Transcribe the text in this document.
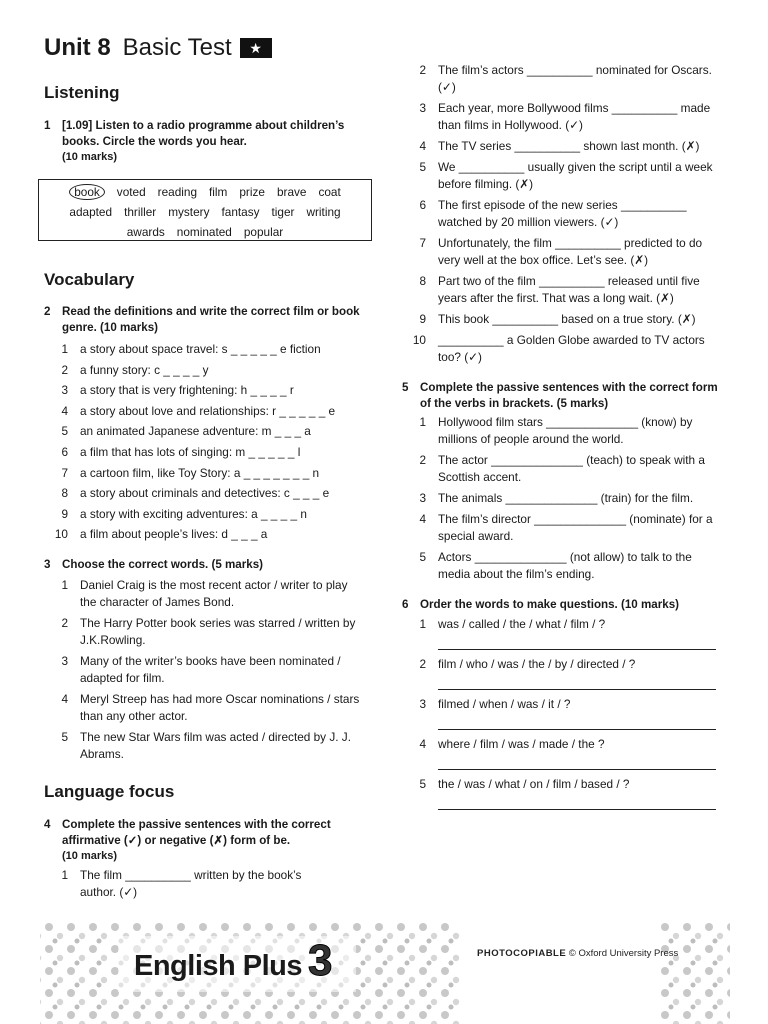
Unit 8 Basic Test ★
Listening
1 [1.09] Listen to a radio programme about children’s books. Circle the words you hear.
(10 marks)
book voted reading film prize brave coat
adapted thriller mystery fantasy tiger writing
awards nominated popular
Vocabulary
2 Read the definitions and write the correct film or book genre. (10 marks)
1 a story about space travel: s _ _ _ _ _ e fiction
2 a funny story: c _ _ _ _ y
3 a story that is very frightening: h _ _ _ _ r
4 a story about love and relationships: r _ _ _ _ _ e
5 an animated Japanese adventure: m _ _ _ a
6 a film that has lots of singing: m _ _ _ _ _ l
7 a cartoon film, like Toy Story: a _ _ _ _ _ _ _ n
8 a story about criminals and detectives: c _ _ _ e
9 a story with exciting adventures: a _ _ _ _ n
10 a film about people’s lives: d _ _ _ a
3 Choose the correct words. (5 marks)
1 Daniel Craig is the most recent actor / writer to play the character of James Bond.
2 The Harry Potter book series was starred / written by J.K.Rowling.
3 Many of the writer’s books have been nominated / adapted for film.
4 Meryl Streep has had more Oscar nominations / stars than any other actor.
5 The new Star Wars film was acted / directed by J. J. Abrams.
Language focus
4 Complete the passive sentences with the correct affirmative (✓) or negative (✗) form of be.
(10 marks)
1 The film __________ written by the book’s author. (✓)
2 The film’s actors __________ nominated for Oscars. (✓)
3 Each year, more Bollywood films __________ made than films in Hollywood. (✓)
4 The TV series __________ shown last month. (✗)
5 We __________ usually given the script until a week before filming. (✗)
6 The first episode of the new series __________ watched by 20 million viewers. (✓)
7 Unfortunately, the film __________ predicted to do very well at the box office. Let’s see. (✗)
8 Part two of the film __________ released until five years after the first. That was a long wait. (✗)
9 This book __________ based on a true story. (✗)
10 __________ a Golden Globe awarded to TV actors too? (✓)
5 Complete the passive sentences with the correct form of the verbs in brackets. (5 marks)
1 Hollywood film stars ______________ (know) by millions of people around the world.
2 The actor ______________ (teach) to speak with a Scottish accent.
3 The animals ______________ (train) for the film.
4 The film’s director ______________ (nominate) for a special award.
5 Actors ______________ (not allow) to talk to the media about the film’s ending.
6 Order the words to make questions. (10 marks)
1 was / called / the / what / film / ?
2 film / who / was / the / by / directed / ?
3 filmed / when / was / it / ?
4 where / film / was / made / the ?
5 the / was / what / on / film / based / ?
English Plus 3	PHOTOCOPIABLE © Oxford University Press
